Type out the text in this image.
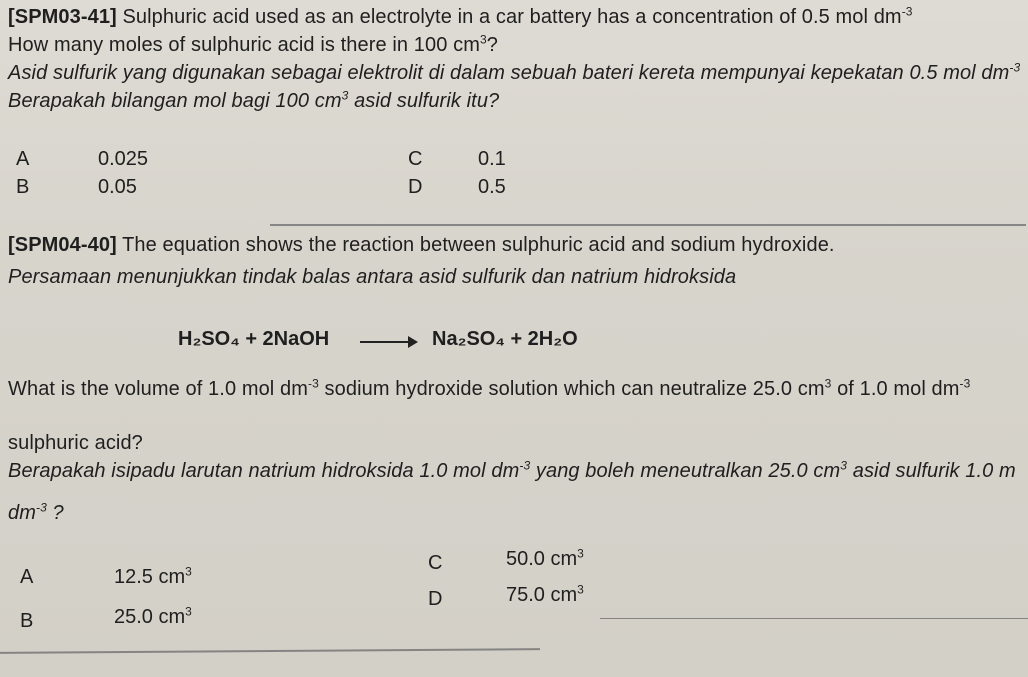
[SPM03-41] Sulphuric acid used as an electrolyte in a car battery has a concentration of 0.5 mol $dm^{-3}$
How many moles of sulphuric acid is there in 100 $cm^3$?
Asid sulfurik yang digunakan sebagai elektrolit di dalam sebuah bateri kereta mempunyai kepekatan 0.5 mol $dm^{-3}$
Berapakah bilangan mol bagi 100 $cm^3$ asid sulfurik itu?
A	0.025
B	0.05
C	0.1
D	0.5
[SPM04-40] The equation shows the reaction between sulphuric acid and sodium hydroxide.
Persamaan menunjukkan tindak balas antara asid sulfurik dan natrium hidroksida
H₂SO₄ + 2NaOH → Na₂SO₄ + 2H₂O
What is the volume of 1.0 mol $dm^{-3}$ sodium hydroxide solution which can neutralize 25.0 $cm^3$ of 1.0 mol $dm^{-3}$
sulphuric acid?
Berapakah isipadu larutan natrium hidroksida 1.0 mol $dm^{-3}$ yang boleh meneutralkan 25.0 $cm^3$ asid sulfurik 1.0 m
$dm^{-3}$ ?
A	12.5 $cm^3$
B	25.0 $cm^3$
C	50.0 $cm^3$
D	75.0 $cm^3$
